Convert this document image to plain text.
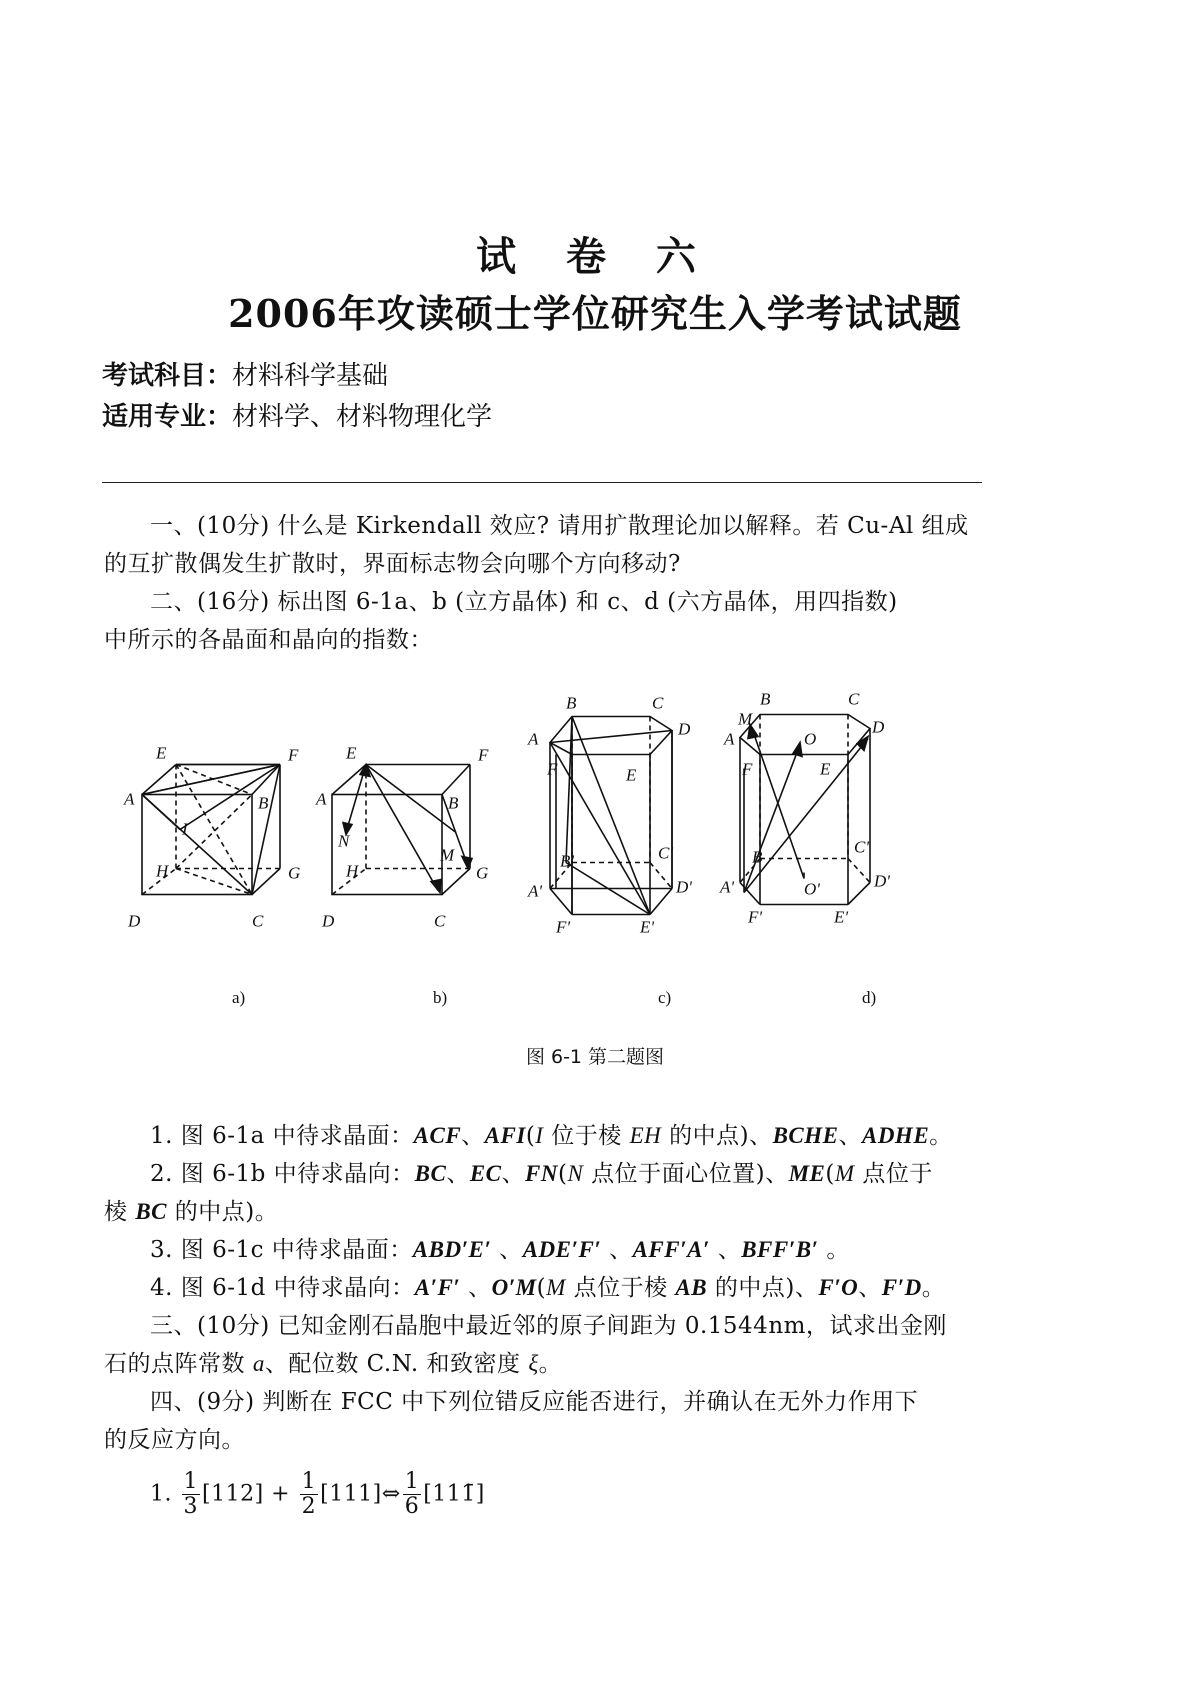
试 卷 六
2006年攻读硕士学位研究生入学考试试题
考试科目：材料科学基础
适用专业：材料学、材料物理化学
一、(10分) 什么是 Kirkendall 效应? 请用扩散理论加以解释。若 Cu-Al 组成
的互扩散偶发生扩散时，界面标志物会向哪个方向移动?
二、(16分) 标出图 6-1a、b (立方晶体) 和 c、d (六方晶体，用四指数)
中所示的各晶面和晶向的指数：
E	F
A	B
I
H	G
D	C
E	F
A	B
N
M
H	G
D	C
B	C
A
D
F	E
B'	C'
A'	D'
F'	E'
B	C
M
A	O
D
F	E
B
C'
A'	O'	D'
F'	E'
a)	b)	c)	d)
图 6-1 第二题图
1. 图 6-1a 中待求晶面：ACF、AFI(I 位于棱 EH 的中点)、BCHE、ADHE。
2. 图 6-1b 中待求晶向：BC、EC、FN(N 点位于面心位置)、ME(M 点位于
棱 BC 的中点)。
3. 图 6-1c 中待求晶面：ABD′E′ 、ADE′F′ 、AFF′A′ 、BFF′B′ 。
4. 图 6-1d 中待求晶向：A′F′ 、O′M(M 点位于棱 AB 的中点)、F′O、F′D。
三、(10分) 已知金刚石晶胞中最近邻的原子间距为 0.1544nm，试求出金刚
石的点阵常数 a、配位数 C.N. 和致密度 ξ。
四、(9分) 判断在 FCC 中下列位错反应能否进行，并确认在无外力作用下
的反应方向。
1. $\frac{1}{3} [112] + \frac{1}{2}$ [111]⇔ $\frac{1}{6}$ [111̄]
